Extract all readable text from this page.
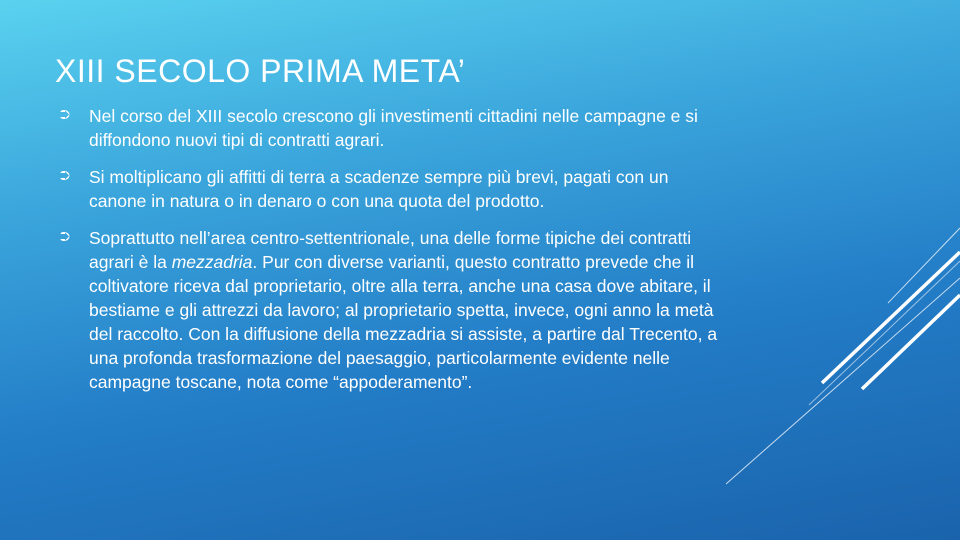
XIII SECOLO PRIMA META’
⮊	Nel corso del XIII secolo crescono gli investimenti cittadini nelle campagne e si diffondono nuovi tipi di contratti agrari.
⮊	Si moltiplicano gli affitti di terra a scadenze sempre più brevi, pagati con un canone in natura o in denaro o con una quota del prodotto.
⮊	Soprattutto nell’area centro-settentrionale, una delle forme tipiche dei contratti agrari è la mezzadria. Pur con diverse varianti, questo contratto prevede che il coltivatore riceva dal proprietario, oltre alla terra, anche una casa dove abitare, il bestiame e gli attrezzi da lavoro; al proprietario spetta, invece, ogni anno la metà del raccolto. Con la diffusione della mezzadria si assiste, a partire dal Trecento, a una profonda trasformazione del paesaggio, particolarmente evidente nelle campagne toscane, nota come “appoderamento”.
